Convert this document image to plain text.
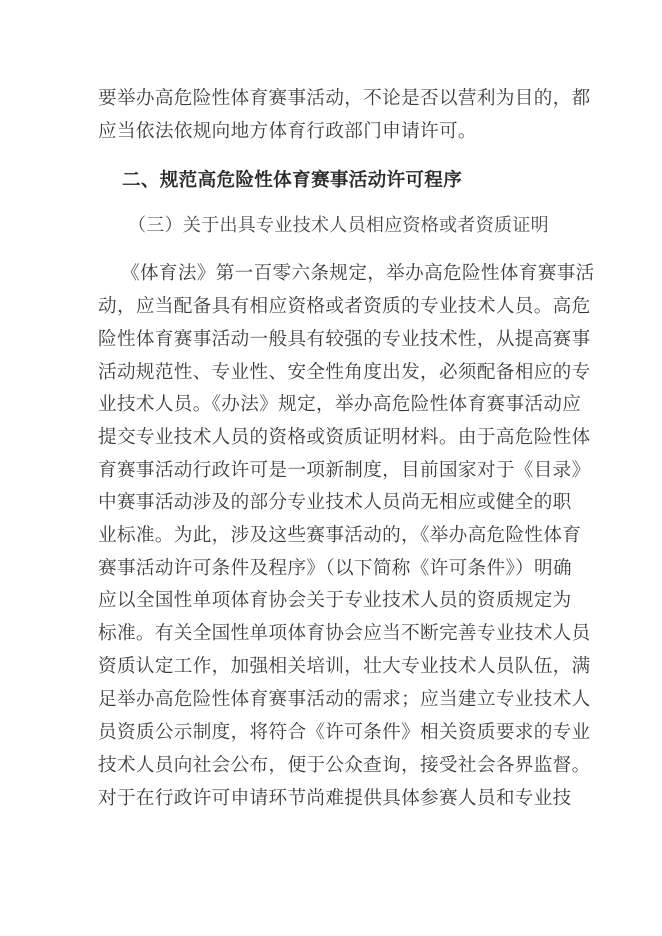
要举办高危险性体育赛事活动，不论是否以营利为目的，都
应当依法依规向地方体育行政部门申请许可。
二、规范高危险性体育赛事活动许可程序
（三）关于出具专业技术人员相应资格或者资质证明
《体育法》第一百零六条规定，举办高危险性体育赛事活
动，应当配备具有相应资格或者资质的专业技术人员。高危
险性体育赛事活动一般具有较强的专业技术性，从提高赛事
活动规范性、专业性、安全性角度出发，必须配备相应的专
业技术人员。《办法》规定，举办高危险性体育赛事活动应
提交专业技术人员的资格或资质证明材料。由于高危险性体
育赛事活动行政许可是一项新制度，目前国家对于《目录》
中赛事活动涉及的部分专业技术人员尚无相应或健全的职
业标准。为此，涉及这些赛事活动的，《举办高危险性体育
赛事活动许可条件及程序》（以下简称《许可条件》）明确
应以全国性单项体育协会关于专业技术人员的资质规定为
标准。有关全国性单项体育协会应当不断完善专业技术人员
资质认定工作，加强相关培训，壮大专业技术人员队伍，满
足举办高危险性体育赛事活动的需求；应当建立专业技术人
员资质公示制度，将符合《许可条件》相关资质要求的专业
技术人员向社会公布，便于公众查询，接受社会各界监督。
对于在行政许可申请环节尚难提供具体参赛人员和专业技
